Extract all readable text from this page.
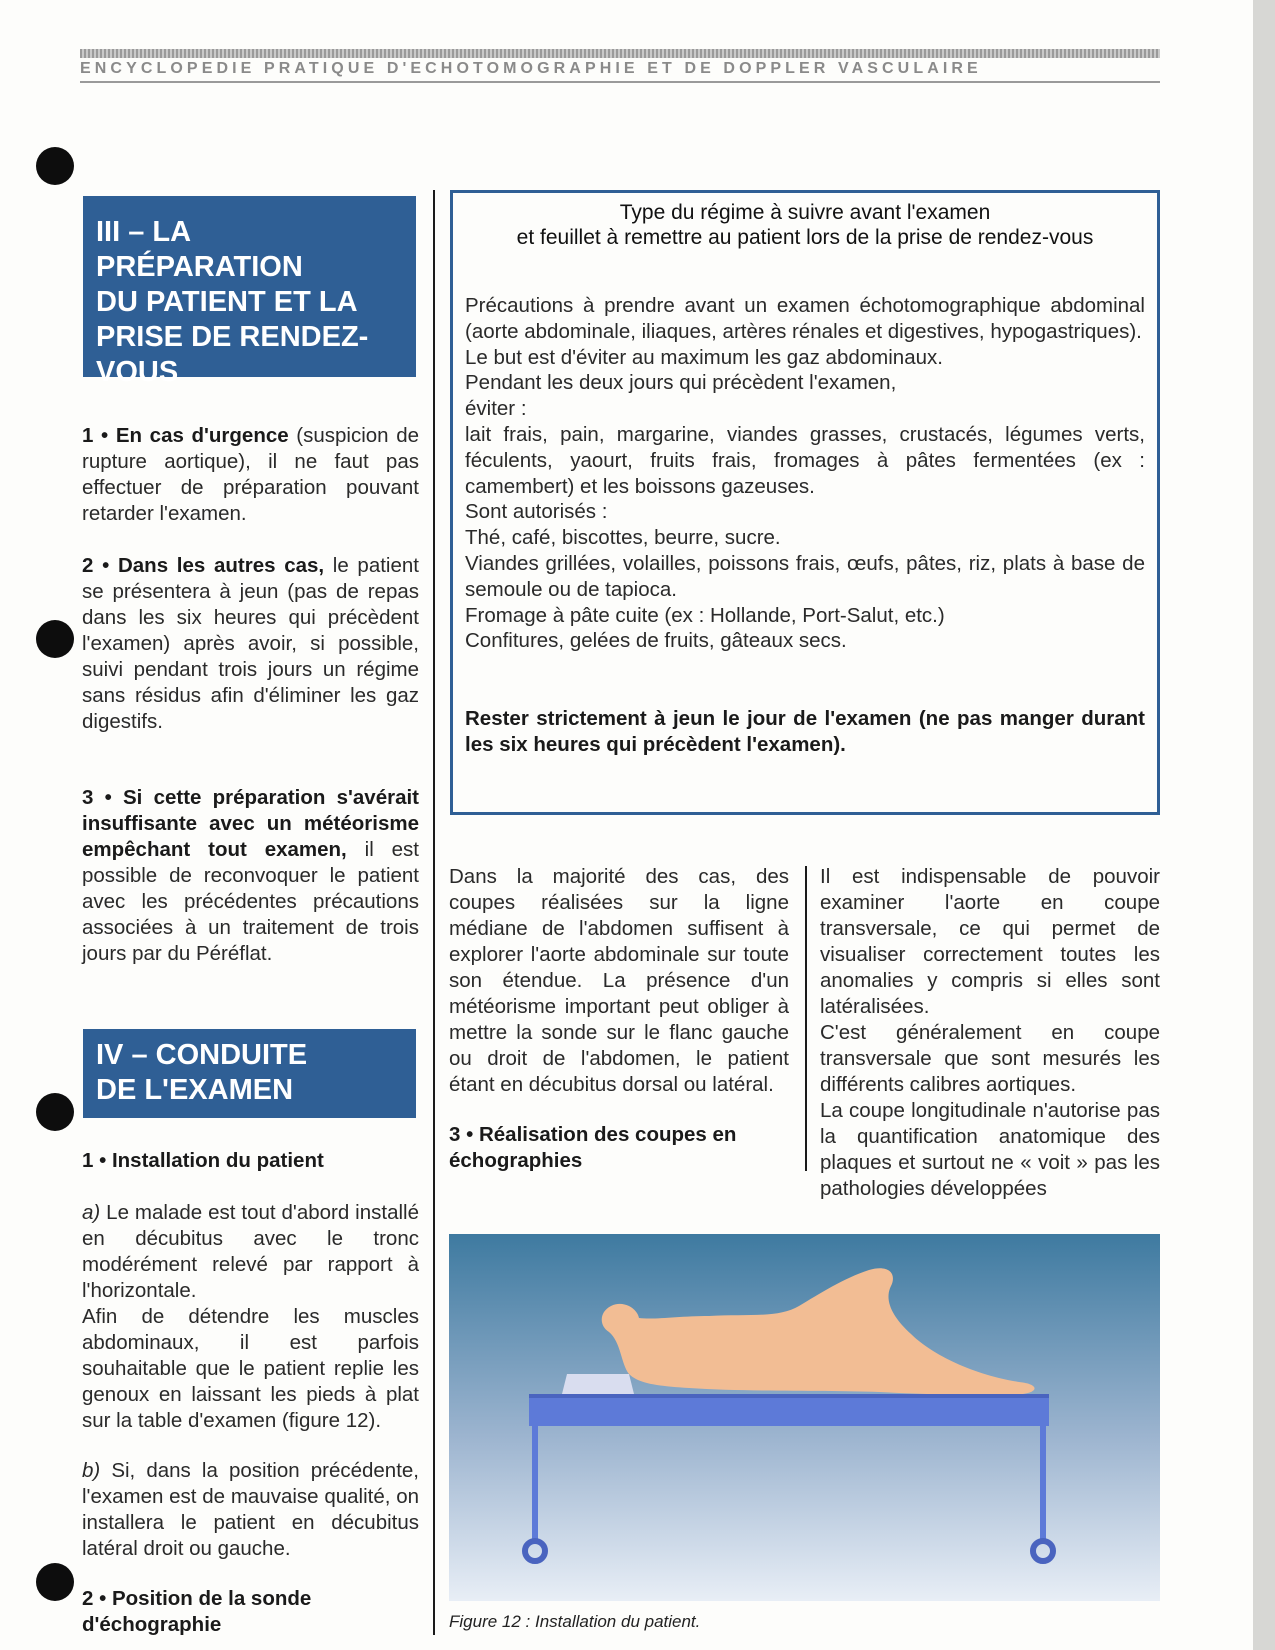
ENCYCLOPEDIE PRATIQUE D'ECHOTOMOGRAPHIE ET DE DOPPLER VASCULAIRE

III – LA PRÉPARATION

DU PATIENT ET LA

PRISE DE RENDEZ-

VOUS

1 • En cas d'urgence (suspicion de rupture aortique), il ne faut pas effectuer de préparation pouvant retarder l'examen.

2 • Dans les autres cas, le patient se présentera à jeun (pas de repas dans les six heures qui précèdent l'examen) après avoir, si possible, suivi pendant trois jours un régime sans résidus afin d'éliminer les gaz digestifs.

3 • Si cette préparation s'avérait insuffisante avec un météorisme empêchant tout examen, il est possible de reconvoquer le patient avec les précédentes précautions associées à un traitement de trois jours par du Péréflat.

IV – CONDUITE

DE L'EXAMEN

1 • Installation du patient

a) Le malade est tout d'abord installé en décubitus avec le tronc modérément relevé par rapport à l'horizontale.

Afin de détendre les muscles abdominaux, il est parfois souhaitable que le patient replie les genoux en laissant les pieds à plat sur la table d'examen (figure 12).

b) Si, dans la position précédente, l'examen est de mauvaise qualité, on installera le patient en décubitus latéral droit ou gauche.

2 • Position de la sonde d'échographie

Type du régime à suivre avant l'examen
et feuillet à remettre au patient lors de la prise de rendez-vous

Précautions à prendre avant un examen échotomographique abdominal (aorte abdominale, iliaques, artères rénales et digestives, hypogastriques).

Le but est d'éviter au maximum les gaz abdominaux.

Pendant les deux jours qui précèdent l'examen,

éviter :

lait frais, pain, margarine, viandes grasses, crustacés, légumes verts, féculents, yaourt, fruits frais, fromages à pâtes fermentées (ex : camembert) et les boissons gazeuses.

Sont autorisés :

Thé, café, biscottes, beurre, sucre.

Viandes grillées, volailles, poissons frais, œufs, pâtes, riz, plats à base de semoule ou de tapioca.

Fromage à pâte cuite (ex : Hollande, Port-Salut, etc.)

Confitures, gelées de fruits, gâteaux secs.

Rester strictement à jeun le jour de l'examen (ne pas manger durant les six heures qui précèdent l'examen).

Dans la majorité des cas, des coupes réalisées sur la ligne médiane de l'abdomen suffisent à explorer l'aorte abdominale sur toute son étendue. La présence d'un météorisme important peut obliger à mettre la sonde sur le flanc gauche ou droit de l'abdomen, le patient étant en décubitus dorsal ou latéral.

3 • Réalisation des coupes en échographies

Il est indispensable de pouvoir examiner l'aorte en coupe transversale, ce qui permet de visualiser correctement toutes les anomalies y compris si elles sont latéralisées.

C'est généralement en coupe transversale que sont mesurés les différents calibres aortiques.

La coupe longitudinale n'autorise pas la quantification anatomique des plaques et surtout ne « voit » pas les pathologies développées

Figure 12 : Installation du patient.
